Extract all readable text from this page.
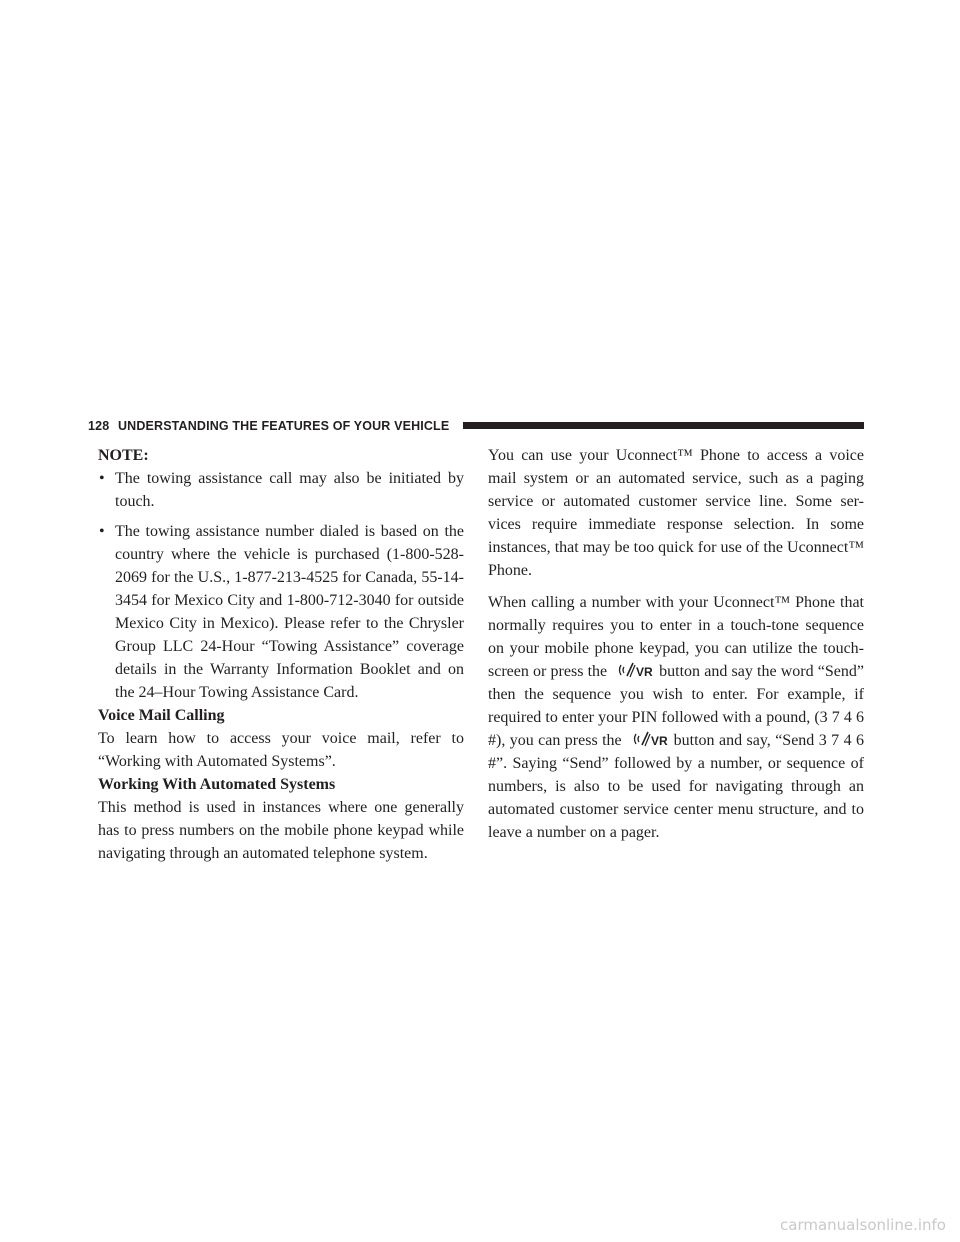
128 UNDERSTANDING THE FEATURES OF YOUR VEHICLE

NOTE:

• The towing assistance call may also be initiated by touch.
• The towing assistance number dialed is based on the country where the vehicle is purchased (1-800-528-2069 for the U.S., 1-877-213-4525 for Canada, 55-14-3454 for Mexico City and 1-800-712-3040 for outside Mexico City in Mexico). Please refer to the Chrysler Group LLC 24-Hour “Towing Assistance” coverage details in the Warranty Information Booklet and on the 24–Hour Towing Assistance Card.

Voice Mail Calling

To learn how to access your voice mail, refer to “Working with Automated Systems”.

Working With Automated Systems

This method is used in instances where one generally has to press numbers on the mobile phone keypad while navigating through an automated telephone system.

You can use your Uconnect™ Phone to access a voice mail system or an automated service, such as a paging service or automated customer service line. Some ser-vices require immediate response selection. In some instances, that may be too quick for use of the Uconnect™ Phone.

When calling a number with your Uconnect™ Phone that normally requires you to enter in a touch-tone sequence on your mobile phone keypad, you can utilize the touch-screen or press the VR button and say the word “Send” then the sequence you wish to enter. For example, if required to enter your PIN followed with a pound, (3 7 4 6 #), you can press the VR button and say, “Send 3 7 4 6 #”. Saying “Send” followed by a number, or sequence of numbers, is also to be used for navigating through an automated customer service center menu structure, and to leave a number on a pager.

carmanualsonline.info
